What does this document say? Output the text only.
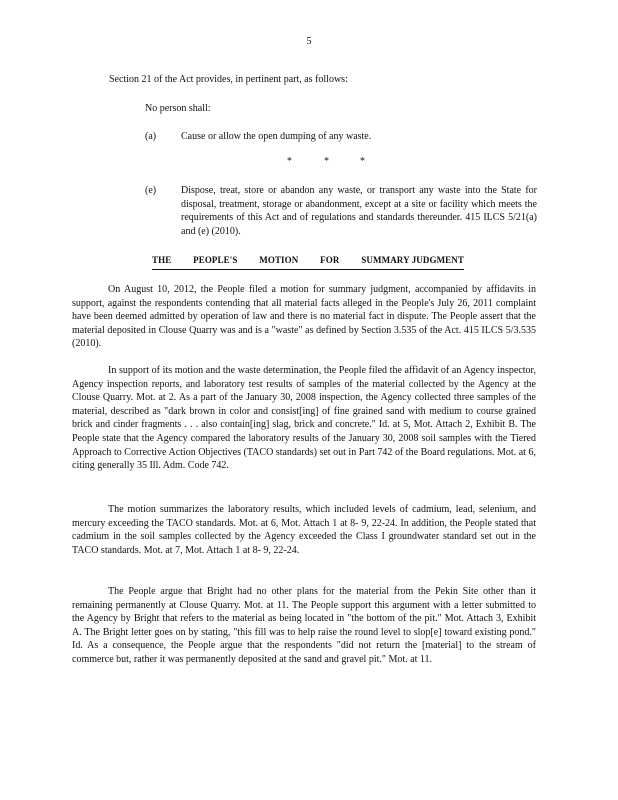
5
Section 21 of the Act provides, in pertinent part, as follows:
No person shall:
(a) Cause or allow the open dumping of any waste.
*	*	*
(e) Dispose, treat, store or abandon any waste, or transport any waste into the State for disposal, treatment, storage or abandonment, except at a site or facility which meets the requirements of this Act and of regulations and standards thereunder. 415 ILCS 5/21(a) and (e) (2010).
THE PEOPLE'S MOTION FOR SUMMARY JUDGMENT
On August 10, 2012, the People filed a motion for summary judgment, accompanied by affidavits in support, against the respondents contending that all material facts alleged in the People's July 26, 2011 complaint have been deemed admitted by operation of law and there is no material fact in dispute. The People assert that the material deposited in Clouse Quarry was and is a "waste" as defined by Section 3.535 of the Act. 415 ILCS 5/3.535 (2010).
In support of its motion and the waste determination, the People filed the affidavit of an Agency inspector, Agency inspection reports, and laboratory test results of samples of the material collected by the Agency at the Clouse Quarry. Mot. at 2. As a part of the January 30, 2008 inspection, the Agency collected three samples of the material, described as "dark brown in color and consist[ing] of fine grained sand with medium to course grained brick and cinder fragments . . . also contain[ing] slag, brick and concrete." Id. at 5, Mot. Attach 2, Exhibit B. The People state that the Agency compared the laboratory results of the January 30, 2008 soil samples with the Tiered Approach to Corrective Action Objectives (TACO standards) set out in Part 742 of the Board regulations. Mot. at 6, citing generally 35 Ill. Adm. Code 742.
The motion summarizes the laboratory results, which included levels of cadmium, lead, selenium, and mercury exceeding the TACO standards. Mot. at 6, Mot. Attach 1 at 8- 9, 22-24. In addition, the People stated that cadmium in the soil samples collected by the Agency exceeded the Class I groundwater standard set out in the TACO standards. Mot. at 7, Mot. Attach 1 at 8- 9, 22-24.
The People argue that Bright had no other plans for the material from the Pekin Site other than it remaining permanently at Clouse Quarry. Mot. at 11. The People support this argument with a letter submitted to the Agency by Bright that refers to the material as being located in "the bottom of the pit." Mot. Attach 3, Exhibit A. The Bright letter goes on by stating, "this fill was to help raise the round level to slop[e] toward existing pond." Id. As a consequence, the People argue that the respondents "did not return the [material] to the stream of commerce but, rather it was permanently deposited at the sand and gravel pit." Mot. at 11.
